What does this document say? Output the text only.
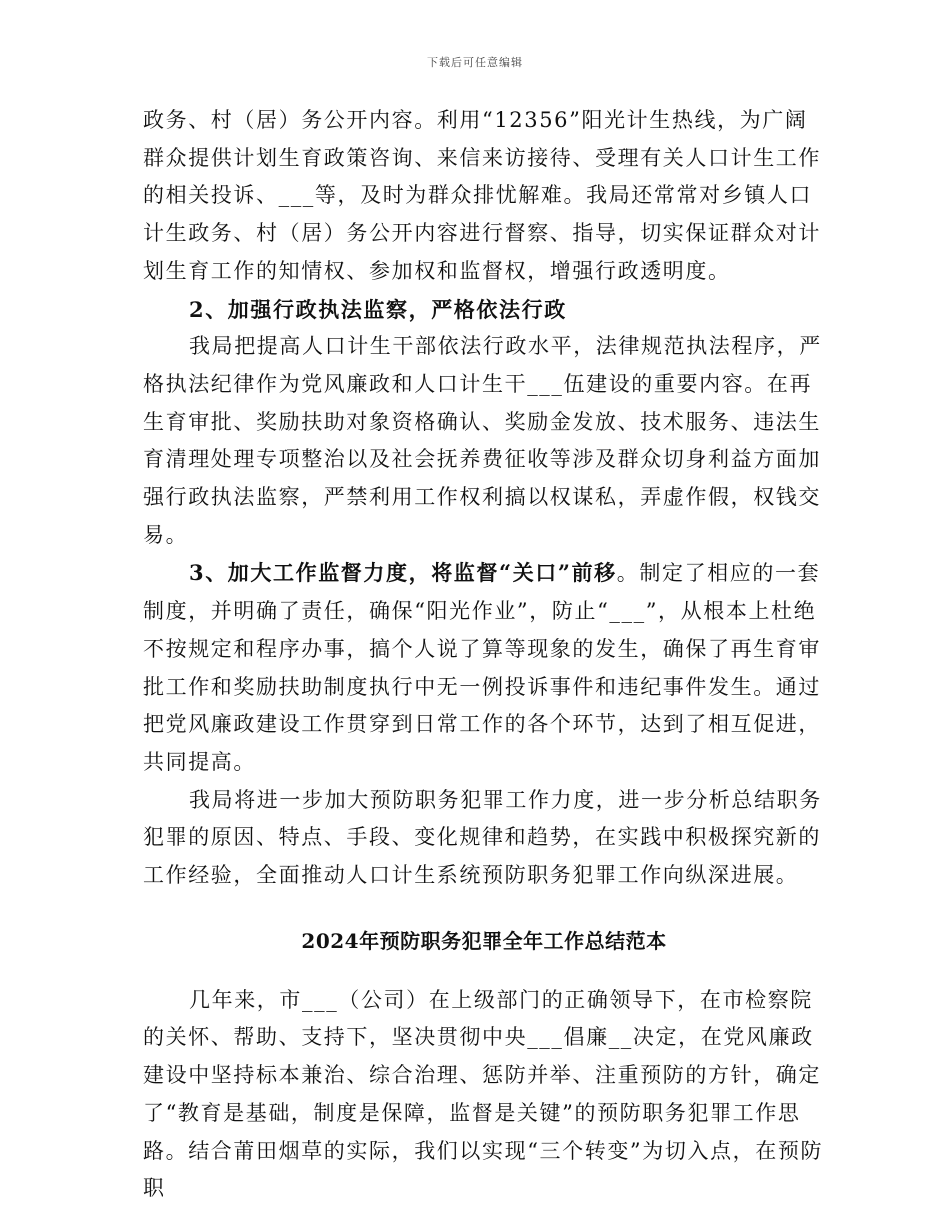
下载后可任意编辑

政务、村（居）务公开内容。利用“12356”阳光计生热线，为广阔群众提供计划生育政策咨询、来信来访接待、受理有关人口计生工作的相关投诉、___等，及时为群众排忧解难。我局还常常对乡镇人口计生政务、村（居）务公开内容进行督察、指导，切实保证群众对计划生育工作的知情权、参加权和监督权，增强行政透明度。

2、加强行政执法监察，严格依法行政

我局把提高人口计生干部依法行政水平，法律规范执法程序，严格执法纪律作为党风廉政和人口计生干___伍建设的重要内容。在再生育审批、奖励扶助对象资格确认、奖励金发放、技术服务、违法生育清理处理专项整治以及社会抚养费征收等涉及群众切身利益方面加强行政执法监察，严禁利用工作权利搞以权谋私，弄虚作假，权钱交易。

3、加大工作监督力度，将监督“关口”前移。制定了相应的一套制度，并明确了责任，确保“阳光作业”，防止“___”，从根本上杜绝不按规定和程序办事，搞个人说了算等现象的发生，确保了再生育审批工作和奖励扶助制度执行中无一例投诉事件和违纪事件发生。通过把党风廉政建设工作贯穿到日常工作的各个环节，达到了相互促进，共同提高。

我局将进一步加大预防职务犯罪工作力度，进一步分析总结职务犯罪的原因、特点、手段、变化规律和趋势，在实践中积极探究新的工作经验，全面推动人口计生系统预防职务犯罪工作向纵深进展。

2024年预防职务犯罪全年工作总结范本

几年来，市___（公司）在上级部门的正确领导下，在市检察院的关怀、帮助、支持下，坚决贯彻中央___倡廉__决定，在党风廉政建设中坚持标本兼治、综合治理、惩防并举、注重预防的方针，确定了“教育是基础，制度是保障，监督是关键”的预防职务犯罪工作思路。结合莆田烟草的实际，我们以实现“三个转变”为切入点，在预防职
